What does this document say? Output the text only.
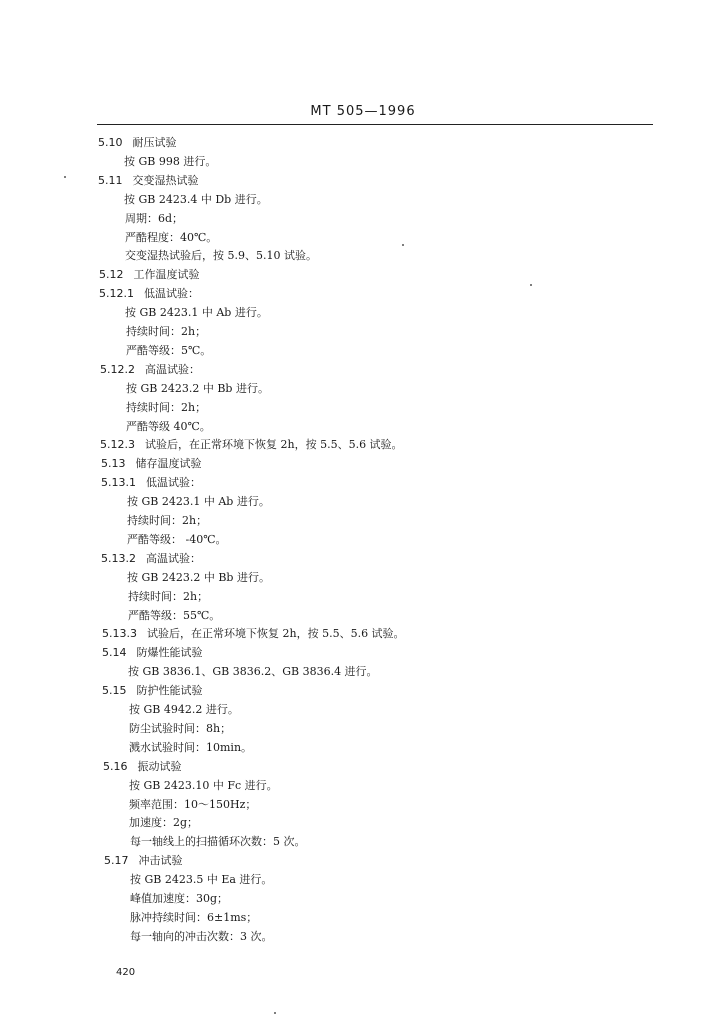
MT 505—1996
5.10 耐压试验
按 GB 998 进行。
5.11 交变湿热试验
按 GB 2423.4 中 Db 进行。
周期：6d；
严酷程度：40℃。
交变湿热试验后，按 5.9、5.10 试验。
5.12 工作温度试验
5.12.1 低温试验：
按 GB 2423.1 中 Ab 进行。
持续时间：2h；
严酷等级：5℃。
5.12.2 高温试验：
按 GB 2423.2 中 Bb 进行。
持续时间：2h；
严酷等级 40℃。
5.12.3 试验后，在正常环境下恢复 2h，按 5.5、5.6 试验。
5.13 储存温度试验
5.13.1 低温试验：
按 GB 2423.1 中 Ab 进行。
持续时间：2h；
严酷等级： -40℃。
5.13.2 高温试验：
按 GB 2423.2 中 Bb 进行。
持续时间：2h；
严酷等级：55℃。
5.13.3 试验后，在正常环境下恢复 2h，按 5.5、5.6 试验。
5.14 防爆性能试验
按 GB 3836.1、GB 3836.2、GB 3836.4 进行。
5.15 防护性能试验
按 GB 4942.2 进行。
防尘试验时间：8h；
溅水试验时间：10min。
5.16 振动试验
按 GB 2423.10 中 Fc 进行。
频率范围：10～150Hz；
加速度：2g；
每一轴线上的扫描循环次数：5 次。
5.17 冲击试验
按 GB 2423.5 中 Ea 进行。
峰值加速度：30g；
脉冲持续时间：6±1ms；
每一轴向的冲击次数：3 次。
420
